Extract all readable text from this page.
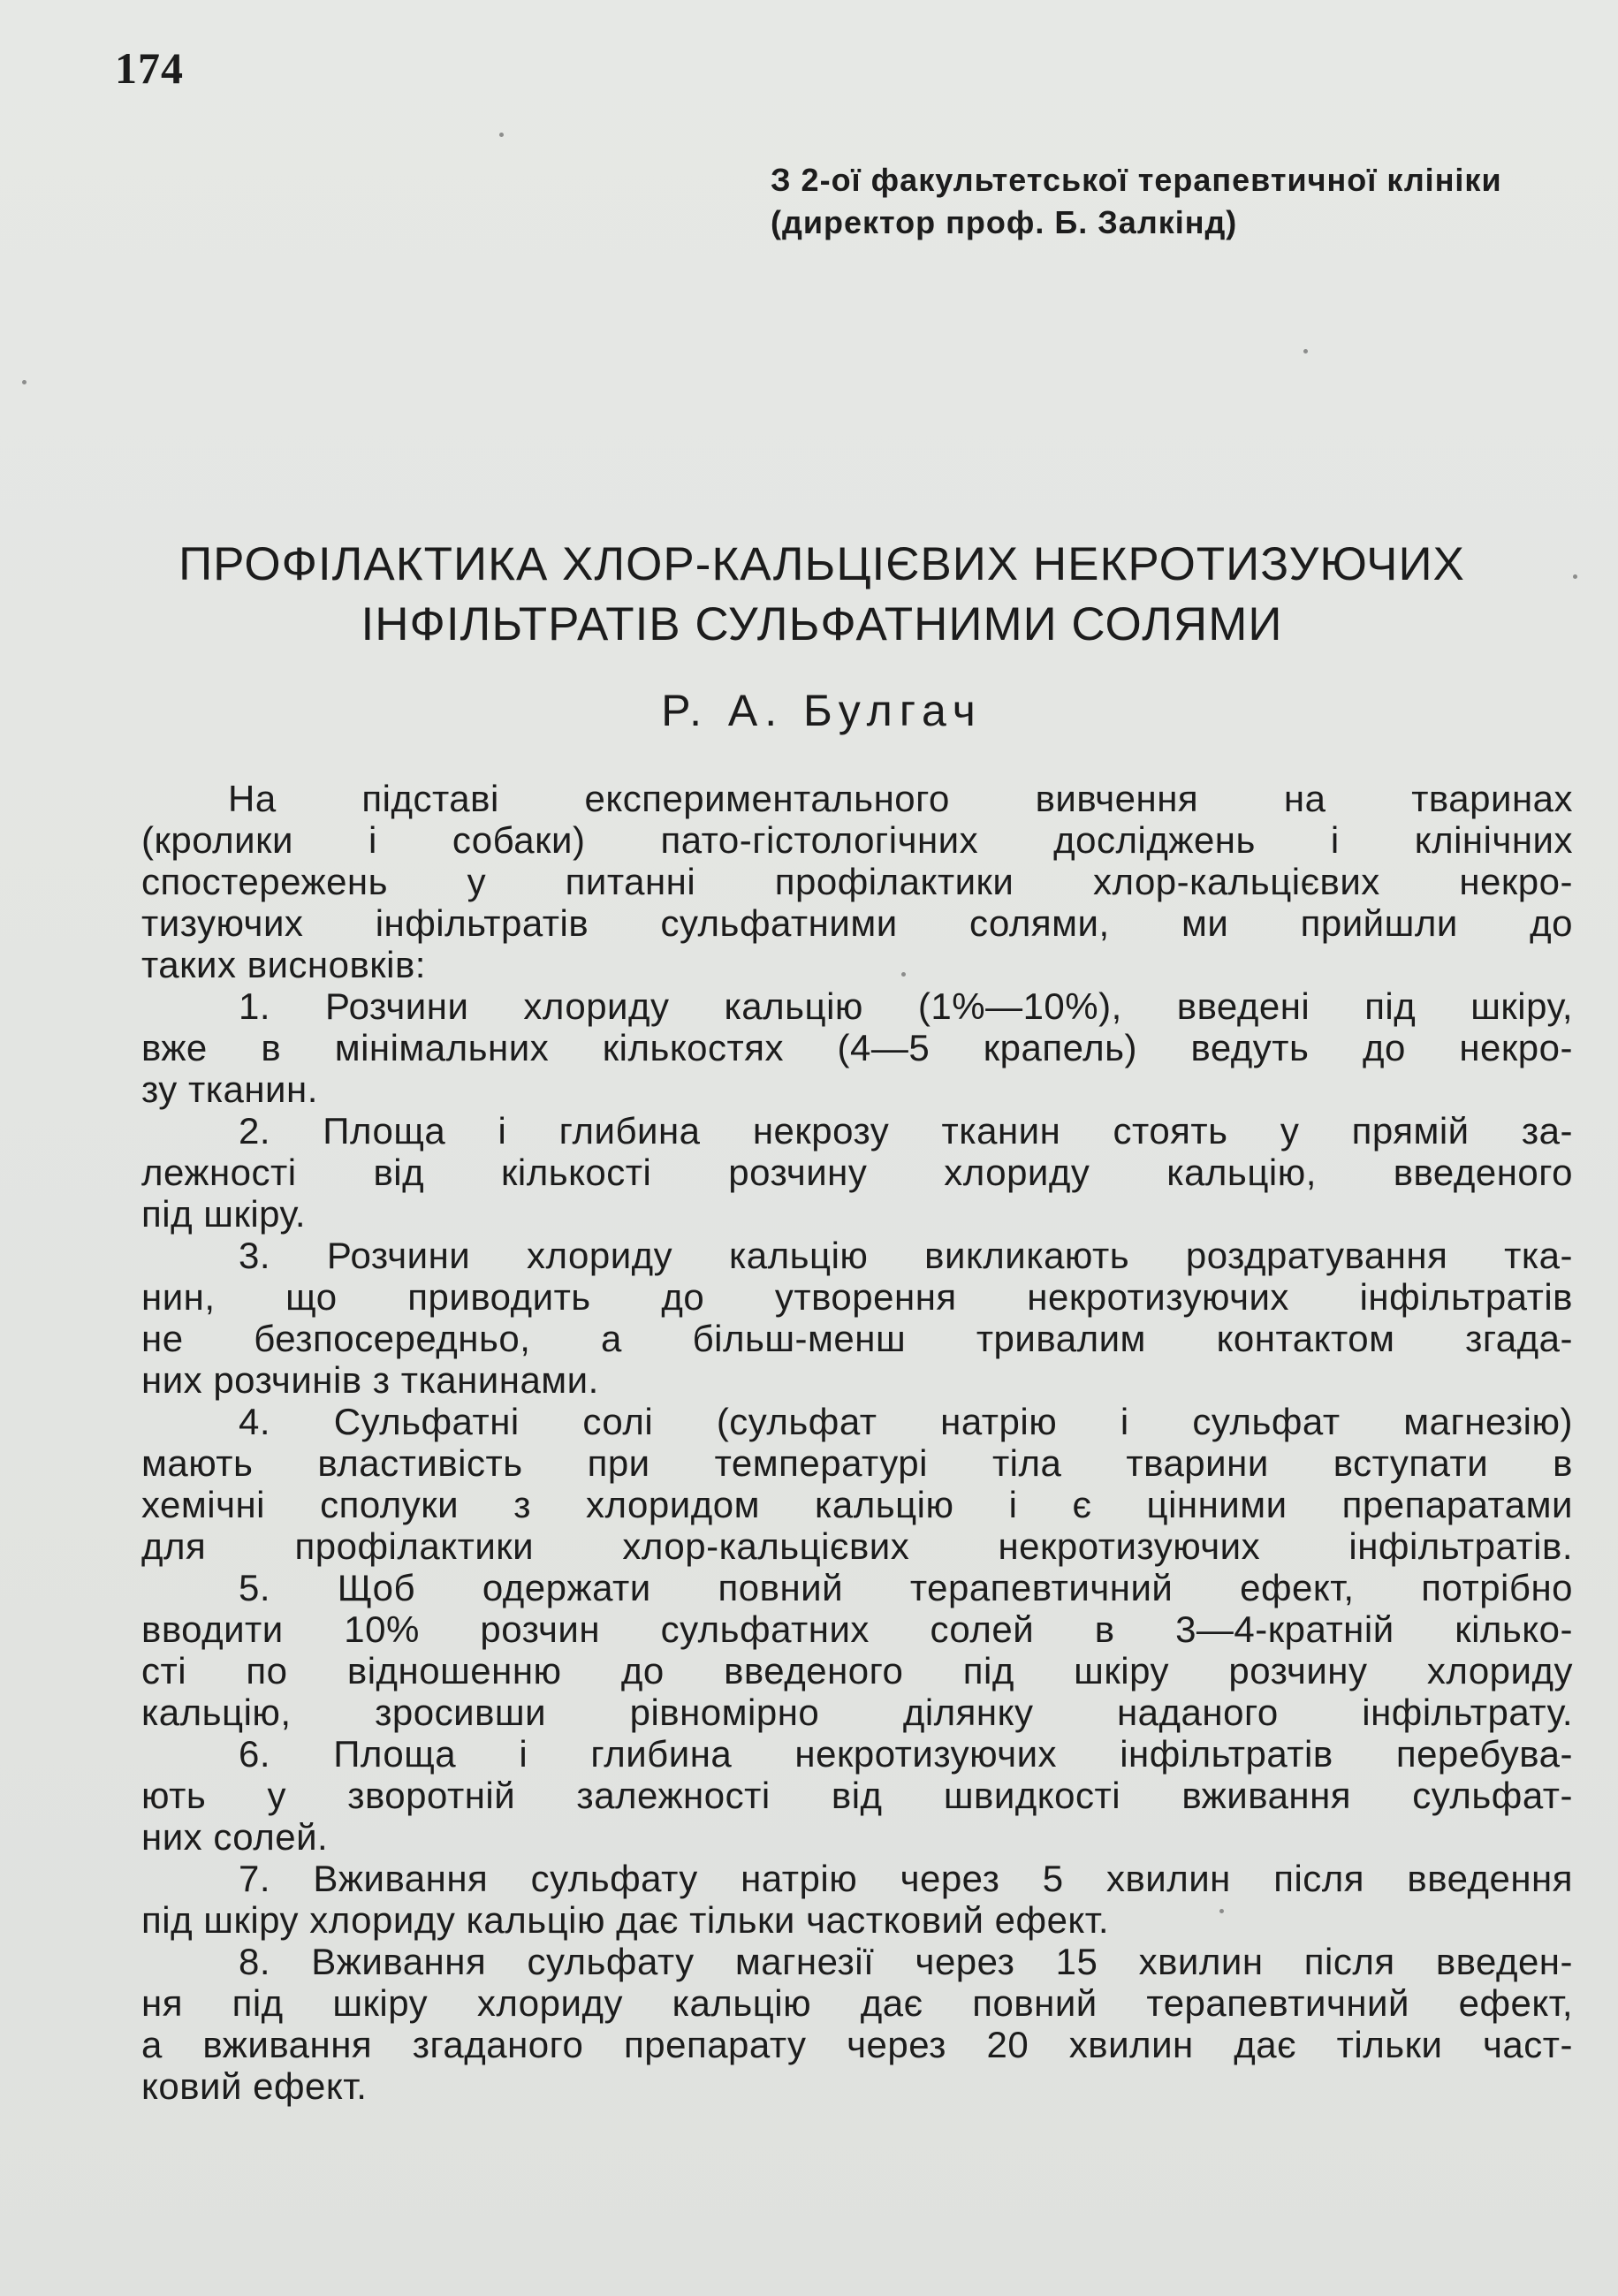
174
З 2-ої факультетської терапевтичної клініки
(директор проф. Б. Залкінд)
ПРОФІЛАКТИКА ХЛОР-КАЛЬЦІЄВИХ НЕКРОТИЗУЮЧИХ
ІНФІЛЬТРАТІВ СУЛЬФАТНИМИ СОЛЯМИ
Р. А. Булгач
На підставі експериментального вивчення на тваринах
(кролики і собаки) пато-гістологічних досліджень і клінічних
спостережень у питанні профілактики хлор-кальцієвих некро-
тизуючих інфільтратів сульфатними солями, ми прийшли до
таких висновків:
1. Розчини хлориду кальцію (1%—10%), введені під шкіру,
вже в мінімальних кількостях (4—5 крапель) ведуть до некро-
зу тканин.
2. Площа і глибина некрозу тканин стоять у прямій за-
лежності від кількості розчину хлориду кальцію, введеного
під шкіру.
3. Розчини хлориду кальцію викликають роздратування тка-
нин, що приводить до утворення некротизуючих інфільтратів
не безпосередньо, а більш-менш тривалим контактом згада-
них розчинів з тканинами.
4. Сульфатні солі (сульфат натрію і сульфат магнезію)
мають властивість при температурі тіла тварини вступати в
хемічні сполуки з хлоридом кальцію і є цінними препаратами
для профілактики хлор-кальцієвих некротизуючих інфільтратів.
5. Щоб одержати повний терапевтичний ефект, потрібно
вводити 10% розчин сульфатних солей в 3—4-кратній кілько-
сті по відношенню до введеного під шкіру розчину хлориду
кальцію, зросивши рівномірно ділянку наданого інфільтрату.
6. Площа і глибина некротизуючих інфільтратів перебува-
ють у зворотній залежності від швидкості вживання сульфат-
них солей.
7. Вживання сульфату натрію через 5 хвилин після введення
під шкіру хлориду кальцію дає тільки частковий ефект.
8. Вживання сульфату магнезії через 15 хвилин після введен-
ня під шкіру хлориду кальцію дає повний терапевтичний ефект,
а вживання згаданого препарату через 20 хвилин дає тільки част-
ковий ефект.
